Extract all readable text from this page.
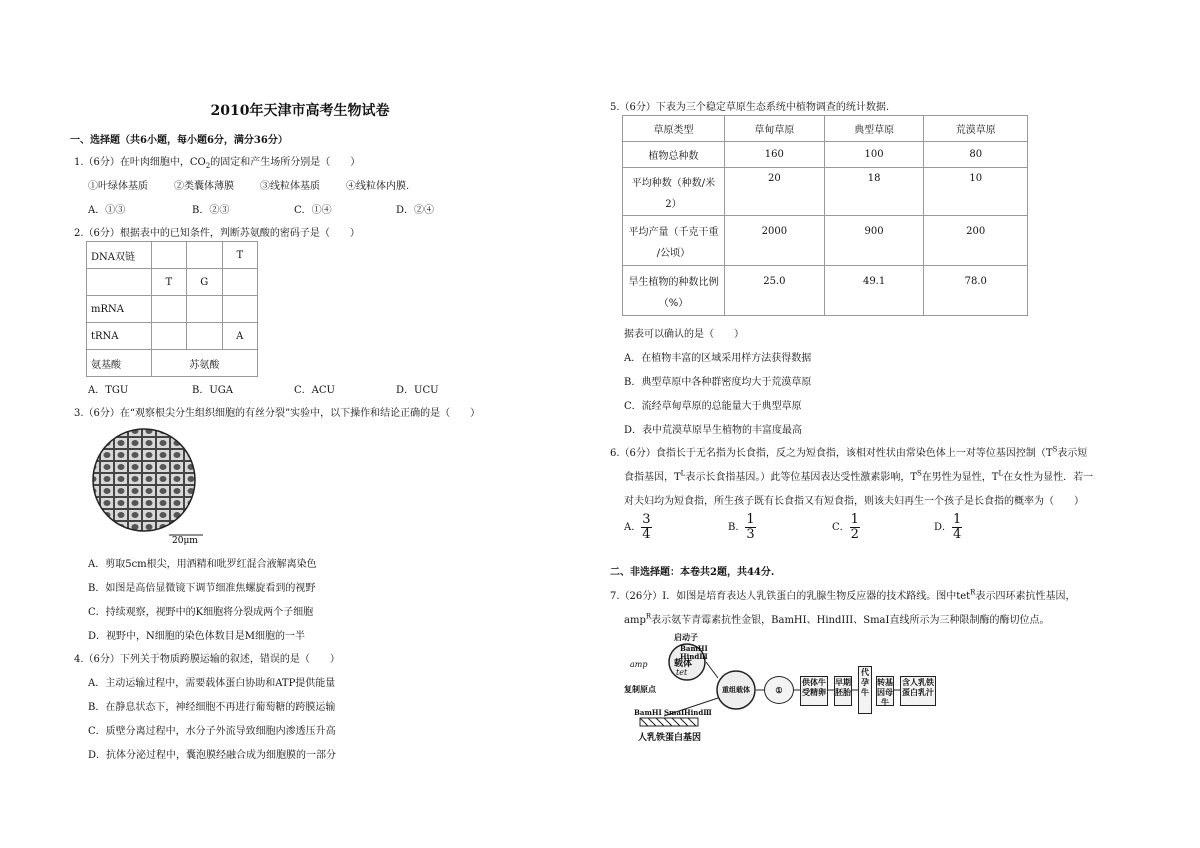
2010年天津市高考生物试卷
一、选择题（共6小题，每小题6分，满分36分）
1.（6分）在叶肉细胞中，$CO_2$的固定和产生场所分别是（　　）
①叶绿体基质	②类囊体薄膜	③线粒体基质	④线粒体内膜.
A．①③	B．②③	C．①④	D．②④
2.（6分）根据表中的已知条件，判断苏氨酸的密码子是（　　）
DNA双链			T
	T	G	
mRNA			
tRNA			A
氨基酸	苏氨酸		
A．TGU	B．UGA	C．ACU	D．UCU
3.（6分）在“观察根尖分生组织细胞的有丝分裂”实验中，以下操作和结论正确的是（　　）
20μm
A．剪取5cm根尖，用酒精和吡罗红混合液解离染色
B．如图是高倍显微镜下调节细准焦螺旋看到的视野
C．持续观察，视野中的K细胞将分裂成两个子细胞
D．视野中，N细胞的染色体数目是M细胞的一半
4.（6分）下列关于物质跨膜运输的叙述，错误的是（　　）
A．主动运输过程中，需要载体蛋白协助和ATP提供能量
B．在静息状态下，神经细胞不再进行葡萄糖的跨膜运输
C．质壁分离过程中，水分子外流导致细胞内渗透压升高
D．抗体分泌过程中，囊泡膜经融合成为细胞膜的一部分
5.（6分）下表为三个稳定草原生态系统中植物调查的统计数据.
草原类型	草甸草原	典型草原	荒漠草原
植物总种数	160	100	80

平均种数（种数/米
2）	20	18	10

平均产量（千克干重
/公顷）	2000	900	200

旱生植物的种数比例
（%）	25.0	49.1	78.0
据表可以确认的是（　　）
A．在植物丰富的区域采用样方法获得数据
B．典型草原中各种群密度均大于荒漠草原
C．流经草甸草原的总能量大于典型草原
D．表中荒漠草原旱生植物的丰富度最高
6.（6分）食指长于无名指为长食指，反之为短食指，该相对性状由常染色体上一对等位基因控制（$T^S$表示短
食指基因，$T^L$表示长食指基因。）此等位基因表达受性激素影响，$T^S$在男性为显性，$T^L$在女性为显性．若一
对夫妇均为短食指，所生孩子既有长食指又有短食指，则该夫妇再生一个孩子是长食指的概率为（　　）
A． $\frac{3}{4}$	B． $\frac{1}{3}$	C． $\frac{1}{2}$	D． $\frac{1}{4}$
二、非选择题：本卷共2题，共44分.
7.（26分）Ⅰ．如图是培育表达人乳铁蛋白的乳腺生物反应器的技术路线。图中tet$^R$表示四环素抗性基因，
amp$^R$表示氨苄青霉素抗性金银，BamHI、HindIII、SmaI直线所示为三种限制酶的酶切位点。
启动子
BamHⅠ
HindⅢ
载体
tet
amp
复制原点	重组载体
BamHⅠ SmaⅠ HindⅢ
人乳铁蛋白基因
①
供体牛受精卵
早期胚胎
代孕牛
转基因母牛
含人乳铁蛋白乳汁
